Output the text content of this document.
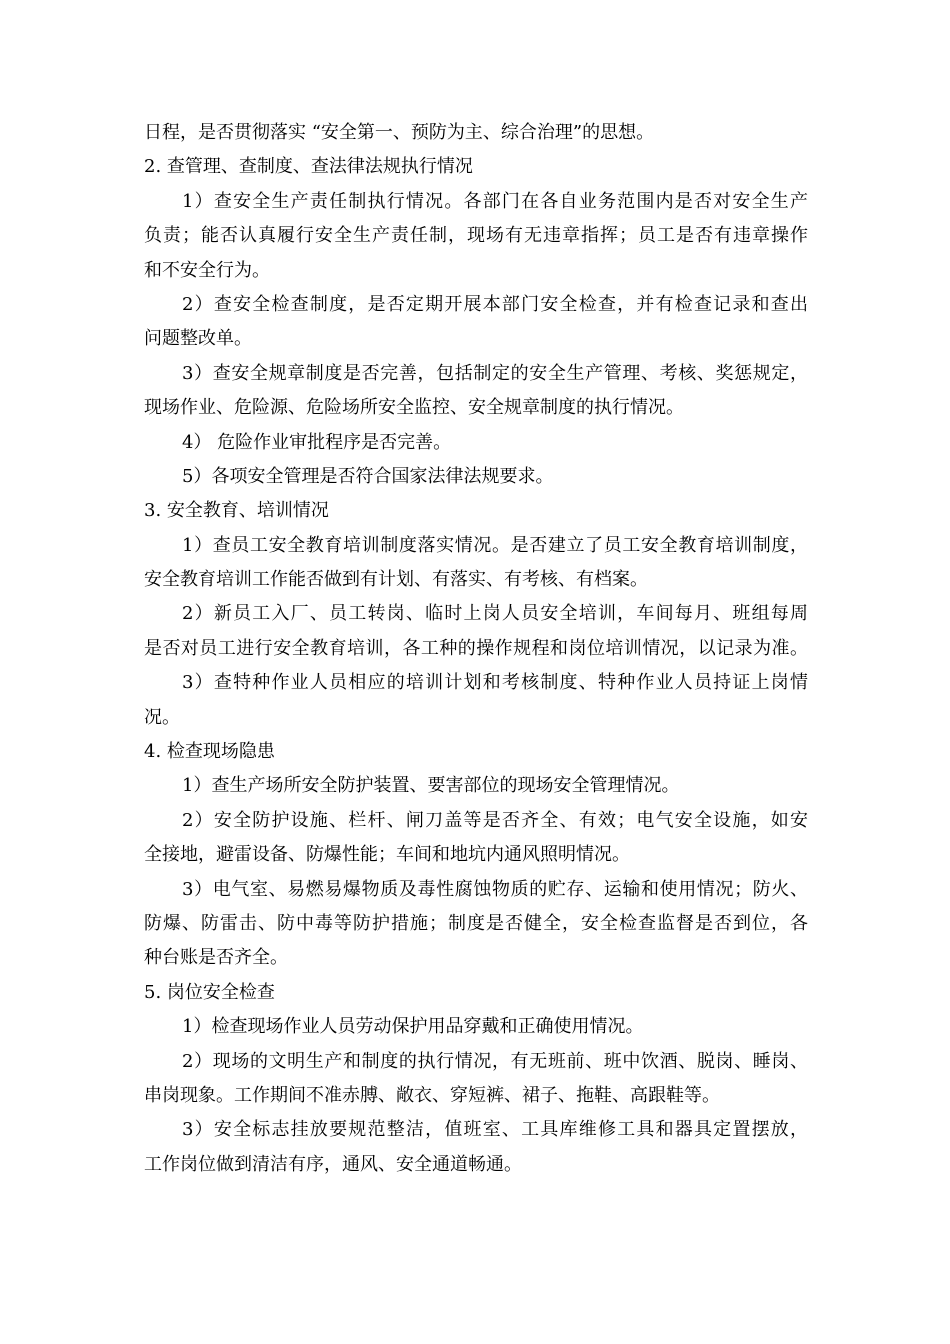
日程，是否贯彻落实 “安全第一、预防为主、综合治理”的思想。
2. 查管理、查制度、查法律法规执行情况
1）查安全生产责任制执行情况。各部门在各自业务范围内是否对安全生产
负责；能否认真履行安全生产责任制，现场有无违章指挥；员工是否有违章操作
和不安全行为。
2）查安全检查制度，是否定期开展本部门安全检查，并有检查记录和查出
问题整改单。
3）查安全规章制度是否完善，包括制定的安全生产管理、考核、奖惩规定，
现场作业、危险源、危险场所安全监控、安全规章制度的执行情况。
4） 危险作业审批程序是否完善。
5）各项安全管理是否符合国家法律法规要求。
3. 安全教育、培训情况
1）查员工安全教育培训制度落实情况。是否建立了员工安全教育培训制度，
安全教育培训工作能否做到有计划、有落实、有考核、有档案。
2）新员工入厂、员工转岗、临时上岗人员安全培训，车间每月、班组每周
是否对员工进行安全教育培训，各工种的操作规程和岗位培训情况，以记录为准。
3）查特种作业人员相应的培训计划和考核制度、特种作业人员持证上岗情
况。
4. 检查现场隐患
1）查生产场所安全防护装置、要害部位的现场安全管理情况。
2）安全防护设施、栏杆、闸刀盖等是否齐全、有效；电气安全设施，如安
全接地，避雷设备、防爆性能；车间和地坑内通风照明情况。
3）电气室、易燃易爆物质及毒性腐蚀物质的贮存、运输和使用情况；防火、
防爆、防雷击、防中毒等防护措施；制度是否健全，安全检查监督是否到位，各
种台账是否齐全。
5. 岗位安全检查
1）检查现场作业人员劳动保护用品穿戴和正确使用情况。
2）现场的文明生产和制度的执行情况，有无班前、班中饮酒、脱岗、睡岗、
串岗现象。工作期间不准赤膊、敞衣、穿短裤、裙子、拖鞋、高跟鞋等。
3）安全标志挂放要规范整洁，值班室、工具库维修工具和器具定置摆放，
工作岗位做到清洁有序，通风、安全通道畅通。
